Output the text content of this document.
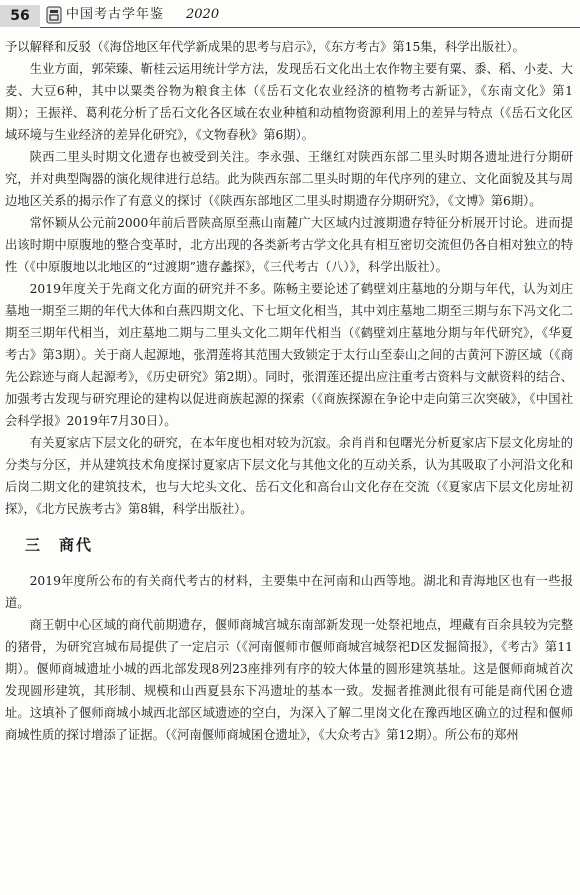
56	中国考古学年鉴 2020

予以解释和反驳（《海岱地区年代学新成果的思考与启示》，《东方考古》第15集，科学出版社）。

生业方面，郭荣臻、靳桂云运用统计学方法，发现岳石文化出土农作物主要有粟、黍、稻、小麦、大麦、大豆6种，其中以粟类谷物为粮食主体（《岳石文化农业经济的植物考古新证》，《东南文化》第1期）；王振祥、葛利花分析了岳石文化各区域在农业种植和动植物资源利用上的差异与特点（《岳石文化区域环境与生业经济的差异化研究》，《文物春秋》第6期）。

陕西二里头时期文化遗存也被受到关注。李永强、王继红对陕西东部二里头时期各遗址进行分期研究，并对典型陶器的演化规律进行总结。此为陕西东部二里头时期的年代序列的建立、文化面貌及其与周边地区关系的揭示作了有意义的探讨（《陕西东部地区二里头时期遗存分期研究》，《文博》第6期）。

常怀颖从公元前2000年前后晋陕高原至燕山南麓广大区域内过渡期遗存特征分析展开讨论。进而提出该时期中原腹地的整合变革时，北方出现的各类新考古学文化具有相互密切交流但仍各自相对独立的特性（《中原腹地以北地区的“过渡期”遗存蠡探》，《三代考古（八）》，科学出版社）。

2019年度关于先商文化方面的研究并不多。陈畅主要论述了鹤壁刘庄墓地的分期与年代，认为刘庄墓地一期至三期的年代大体和白燕四期文化、下七垣文化相当，其中刘庄墓地二期至三期与东下冯文化二期至三期年代相当，刘庄墓地二期与二里头文化二期年代相当（《鹤壁刘庄墓地分期与年代研究》，《华夏考古》第3期）。关于商人起源地，张渭莲将其范围大致锁定于太行山至泰山之间的古黄河下游区域（《商先公踪迹与商人起源考》，《历史研究》第2期）。同时，张渭莲还提出应注重考古资料与文献资料的结合、加强考古发现与研究理论的建构以促进商族起源的探索（《商族探源在争论中走向第三次突破》，《中国社会科学报》2019年7月30日）。

有关夏家店下层文化的研究，在本年度也相对较为沉寂。余肖肖和包曙光分析夏家店下层文化房址的分类与分区，并从建筑技术角度探讨夏家店下层文化与其他文化的互动关系，认为其吸取了小河沿文化和后岗二期文化的建筑技术，也与大坨头文化、岳石文化和高台山文化存在交流（《夏家店下层文化房址初探》，《北方民族考古》第8辑，科学出版社）。

三　商代

2019年度所公布的有关商代考古的材料，主要集中在河南和山西等地。湖北和青海地区也有一些报道。

商王朝中心区域的商代前期遗存，偃师商城宫城东南部新发现一处祭祀地点，埋藏有百余具较为完整的猪骨，为研究宫城布局提供了一定启示（《河南偃师市偃师商城宫城祭祀D区发掘简报》，《考古》第11期）。偃师商城遗址小城的西北部发现8列23座排列有序的较大体量的圆形建筑基址。这是偃师商城首次发现圆形建筑，其形制、规模和山西夏县东下冯遗址的基本一致。发掘者推测此很有可能是商代囷仓遗址。这填补了偃师商城小城西北部区域遗迹的空白，为深入了解二里岗文化在豫西地区确立的过程和偃师商城性质的探讨增添了证据。（《河南偃师商城囷仓遗址》，《大众考古》第12期）。所公布的郑州
